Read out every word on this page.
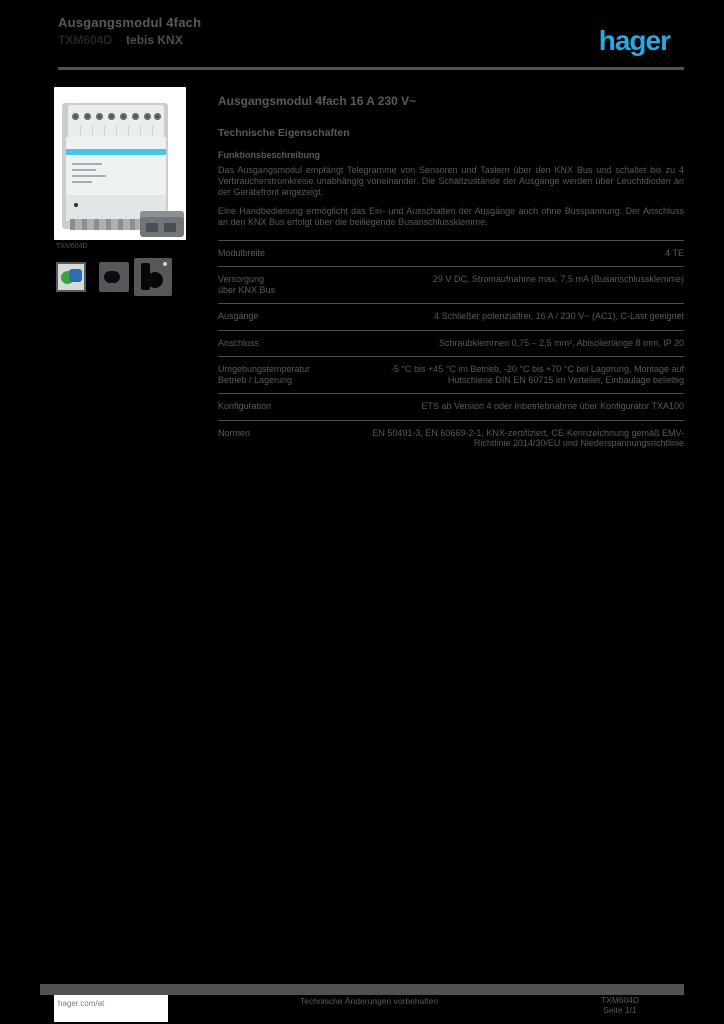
Ausgangsmodul 4fach
TXM604D tebis KNX	hager
TXM604D
Ausgangsmodul 4fach 16 A 230 V~
Technische Eigenschaften
Funktionsbeschreibung

Das Ausgangsmodul empfängt Telegramme von Sensoren und Tastern über den KNX Bus und schaltet bis zu 4 Verbraucherstromkreise unabhängig voneinander. Die Schaltzustände der Ausgänge werden über Leuchtdioden an der Gerätefront angezeigt.

Eine Handbedienung ermöglicht das Ein- und Ausschalten der Ausgänge auch ohne Busspannung. Der Anschluss an den KNX Bus erfolgt über die beiliegende Busanschlussklemme.

Modulbreite	4 TE

Versorgung
über KNX Bus	29 V DC, Stromaufnahme max. 7,5 mA (Busanschlussklemme)

Ausgänge	4 Schließer potenzialfrei, 16 A / 230 V~ (AC1), C-Last geeignet

Anschluss	Schraubklemmen 0,75 – 2,5 mm², Abisolierlänge 8 mm, IP 20

Umgebungstemperatur
Betrieb / Lagerung	-5 °C bis +45 °C im Betrieb, -20 °C bis +70 °C bei Lagerung, Montage auf Hutschiene DIN EN 60715 im Verteiler, Einbaulage beliebig

Konfiguration	ETS ab Version 4 oder Inbetriebnahme über Konfigurator TXA100

Normen	EN 50491-3, EN 60669-2-1, KNX-zertifiziert, CE-Kennzeichnung gemäß EMV-Richtlinie 2014/30/EU und Niederspannungsrichtlinie
hager.com/at	Technische Änderungen vorbehalten	TXM604D
Seite 1/1
